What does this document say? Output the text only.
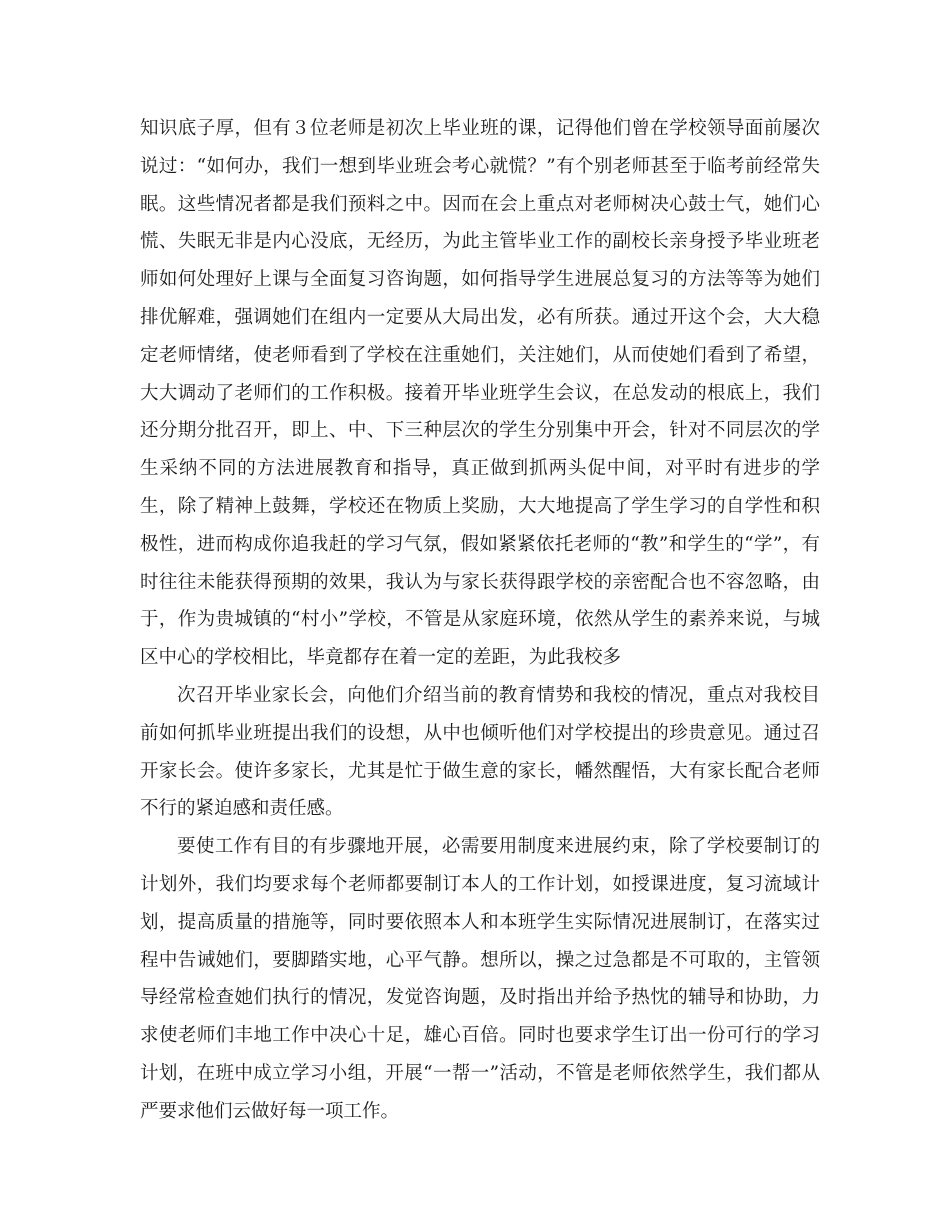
知识底子厚，但有３位老师是初次上毕业班的课，记得他们曾在学校领导面前屡次说过：“如何办，我们一想到毕业班会考心就慌？”有个别老师甚至于临考前经常失眠。这些情况者都是我们预料之中。因而在会上重点对老师树决心鼓士气，她们心慌、失眠无非是内心没底，无经历，为此主管毕业工作的副校长亲身授予毕业班老师如何处理好上课与全面复习咨询题，如何指导学生进展总复习的方法等等为她们排优解难，强调她们在组内一定要从大局出发，必有所获。通过开这个会，大大稳定老师情绪，使老师看到了学校在注重她们，关注她们，从而使她们看到了希望，大大调动了老师们的工作积极。接着开毕业班学生会议，在总发动的根底上，我们还分期分批召开，即上、中、下三种层次的学生分别集中开会，针对不同层次的学生采纳不同的方法进展教育和指导，真正做到抓两头促中间，对平时有进步的学生，除了精神上鼓舞，学校还在物质上奖励，大大地提高了学生学习的自学性和积极性，进而构成你追我赶的学习气氛，假如紧紧依托老师的“教”和学生的“学”，有时往往未能获得预期的效果，我认为与家长获得跟学校的亲密配合也不容忽略，由于，作为贵城镇的“村小”学校，不管是从家庭环境，依然从学生的素养来说，与城区中心的学校相比，毕竟都存在着一定的差距，为此我校多

次召开毕业家长会，向他们介绍当前的教育情势和我校的情况，重点对我校目前如何抓毕业班提出我们的设想，从中也倾听他们对学校提出的珍贵意见。通过召开家长会。使许多家长，尤其是忙于做生意的家长，幡然醒悟，大有家长配合老师不行的紧迫感和责任感。

要使工作有目的有步骤地开展，必需要用制度来进展约束，除了学校要制订的计划外，我们均要求每个老师都要制订本人的工作计划，如授课进度，复习流域计划，提高质量的措施等，同时要依照本人和本班学生实际情况进展制订，在落实过程中告诫她们，要脚踏实地，心平气静。想所以，操之过急都是不可取的，主管领导经常检查她们执行的情况，发觉咨询题，及时指出并给予热忱的辅导和协助，力求使老师们丰地工作中决心十足，雄心百倍。同时也要求学生订出一份可行的学习计划，在班中成立学习小组，开展“一帮一”活动，不管是老师依然学生，我们都从严要求他们云做好每一项工作。
